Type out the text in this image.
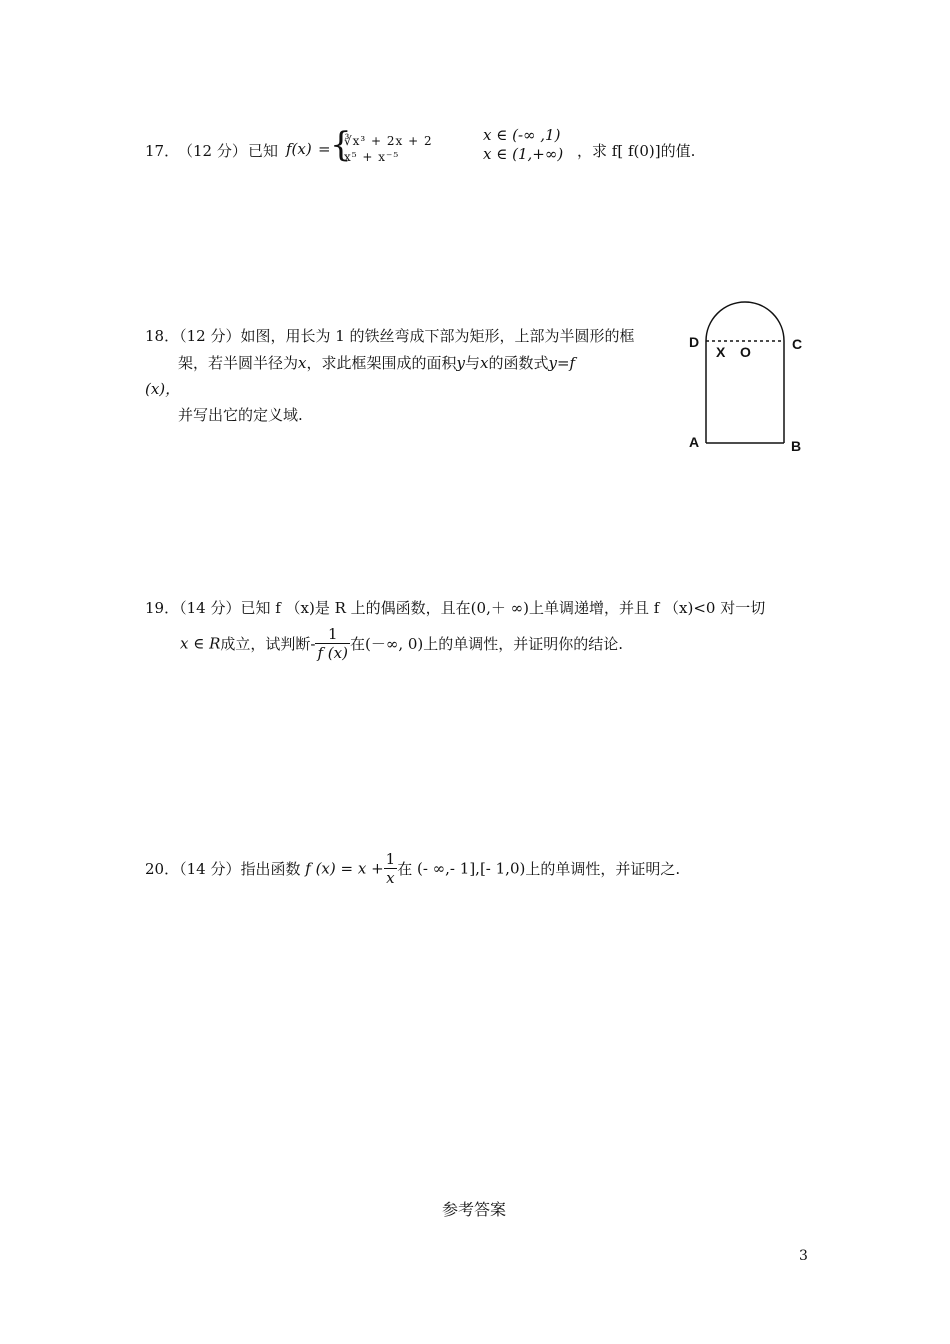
17．
（12 分） 已知 f(x) = {
∛x³ + 2x + 2
x⁵ + x⁻⁵
x ∈ (-∞ ,1)
x ∈ (1,+∞) ，求 f[ f(0)]的值.
18．（12 分）如图，用长为 1 的铁丝弯成下部为矩形，上部为半圆形的框
架，若半圆半径为x，求此框架围成的面积y与x的函数式y=f
(x)，
并写出它的定义域.
D	C
X O
A	B
19．（14 分）已知 f （x)是 R 上的偶函数，且在(0,＋ ∞)上单调递增，并且 f （x)<0 对一切
x ∈ R成立，试判断- $\frac{1}{f (x)}$ 在(－∞, 0)上的单调性，并证明你的结论.
20．（14 分）指出函数 f $(x) = x + \frac{1}{x}$ 在 (- ∞,- 1],[- 1,0)上的单调性，并证明之.
参考答案
3
